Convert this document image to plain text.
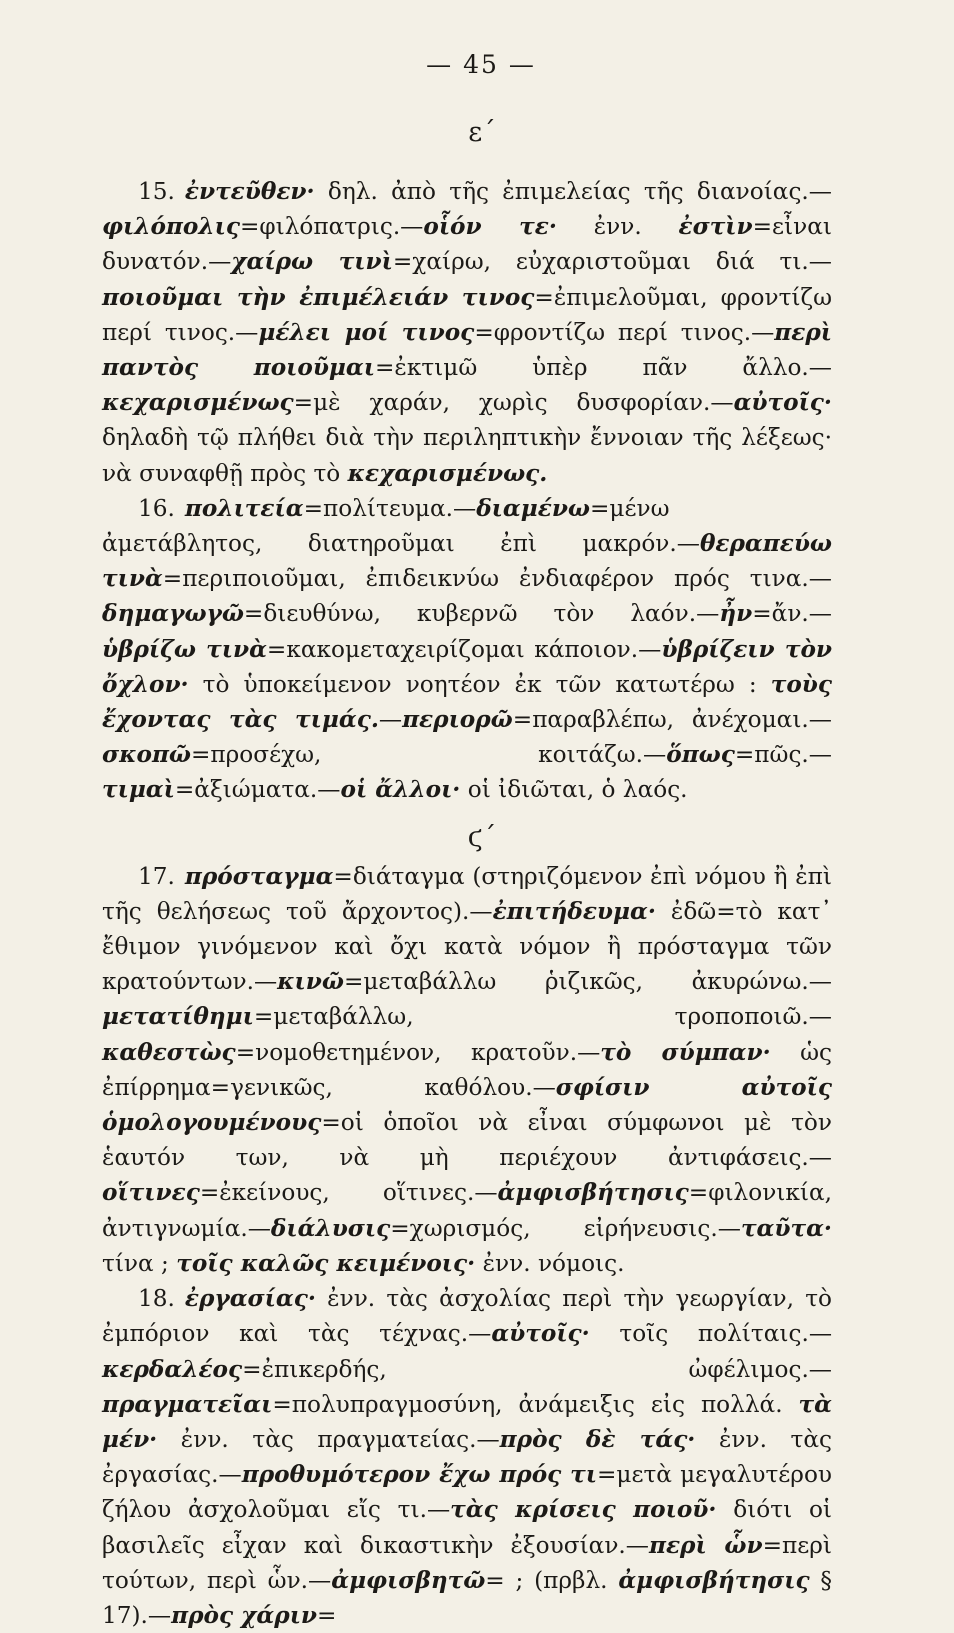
— 45 —
ε΄

15. ἐντεῦθεν· δηλ. ἀπὸ τῆς ἐπιμελείας τῆς διανοίας.—φιλόπολις=φιλόπατρις.—οἷόν τε· ἐνν. ἐστὶν=εἶναι δυνατόν.—χαίρω τινὶ=χαίρω, εὐχαριστοῦμαι διά τι.—ποιοῦμαι τὴν ἐπιμέλειάν τινος=ἐπιμελοῦμαι, φροντίζω περί τινος.—μέλει μοί τινος=φροντίζω περί τινος.—περὶ παντὸς ποιοῦμαι=ἐκτιμῶ ὑπὲρ πᾶν ἄλλο.—κεχαρισμένως=μὲ χαράν, χωρὶς δυσφορίαν.—αὐτοῖς· δηλαδὴ τῷ πλήθει διὰ τὴν περιληπτικὴν ἔννοιαν τῆς λέξεως· νὰ συναφθῇ πρὸς τὸ κεχαρισμένως.

16. πολιτεία=πολίτευμα.—διαμένω=μένω ἀμετάβλητος, διατηροῦμαι ἐπὶ μακρόν.—θεραπεύω τινὰ=περιποιοῦμαι, ἐπιδεικνύω ἐνδιαφέρον πρός τινα.—δημαγωγῶ=διευθύνω, κυβερνῶ τὸν λαόν.—ἦν=ἄν.—ὑβρίζω τινὰ=κακομεταχειρίζομαι κάποιον.—ὑβρίζειν τὸν ὄχλον· τὸ ὑποκείμενον νοητέον ἐκ τῶν κατωτέρω : τοὺς ἔχοντας τὰς τιμάς.—περιορῶ=παραβλέπω, ἀνέχομαι.—σκοπῶ=προσέχω, κοιτάζω.—ὅπως=πῶς.—τιμαὶ=ἀξιώματα.—οἱ ἄλλοι· οἱ ἰδιῶται, ὁ λαός.

ϛ΄

17. πρόσταγμα=διάταγμα (στηριζόμενον ἐπὶ νόμου ἢ ἐπὶ τῆς θελήσεως τοῦ ἄρχοντος).—ἐπιτήδευμα· ἐδῶ=τὸ κατ᾿ ἔθιμον γινόμενον καὶ ὄχι κατὰ νόμον ἢ πρόσταγμα τῶν κρατούντων.—κινῶ=μεταβάλλω ῥιζικῶς, ἀκυρώνω.—μετατίθημι=μεταβάλλω, τροποποιῶ.—καθεστὼς=νομοθετημένον, κρατοῦν.—τὸ σύμπαν· ὡς ἐπίρρημα=γενικῶς, καθόλου.—σφίσιν αὐτοῖς ὁμολογουμένους=οἱ ὁποῖοι νὰ εἶναι σύμφωνοι μὲ τὸν ἑαυτόν των, νὰ μὴ περιέχουν ἀντιφάσεις.—οἵτινες=ἐκείνους, οἵτινες.—ἀμφισβήτησις=φιλονικία, ἀντιγνωμία.—διάλυσις=χωρισμός, εἰρήνευσις.—ταῦτα· τίνα ; τοῖς καλῶς κειμένοις· ἐνν. νόμοις.

18. ἐργασίας· ἐνν. τὰς ἀσχολίας περὶ τὴν γεωργίαν, τὸ ἐμπόριον καὶ τὰς τέχνας.—αὐτοῖς· τοῖς πολίταις.—κερδαλέος=ἐπικερδής, ὠφέλιμος.—πραγματεῖαι=πολυπραγμοσύνη, ἀνάμειξις εἰς πολλά. τὰ μέν· ἐνν. τὰς πραγματείας.—πρὸς δὲ τάς· ἐνν. τὰς ἐργασίας.—προθυμότερον ἔχω πρός τι=μετὰ μεγαλυτέρου ζήλου ἀσχολοῦμαι εἴς τι.—τὰς κρίσεις ποιοῦ· διότι οἱ βασιλεῖς εἶχαν καὶ δικαστικὴν ἐξουσίαν.—περὶ ὧν=περὶ τούτων, περὶ ὧν.—ἀμφισβητῶ= ; (πρβλ. ἀμφισβήτησις § 17).—πρὸς χάριν=
